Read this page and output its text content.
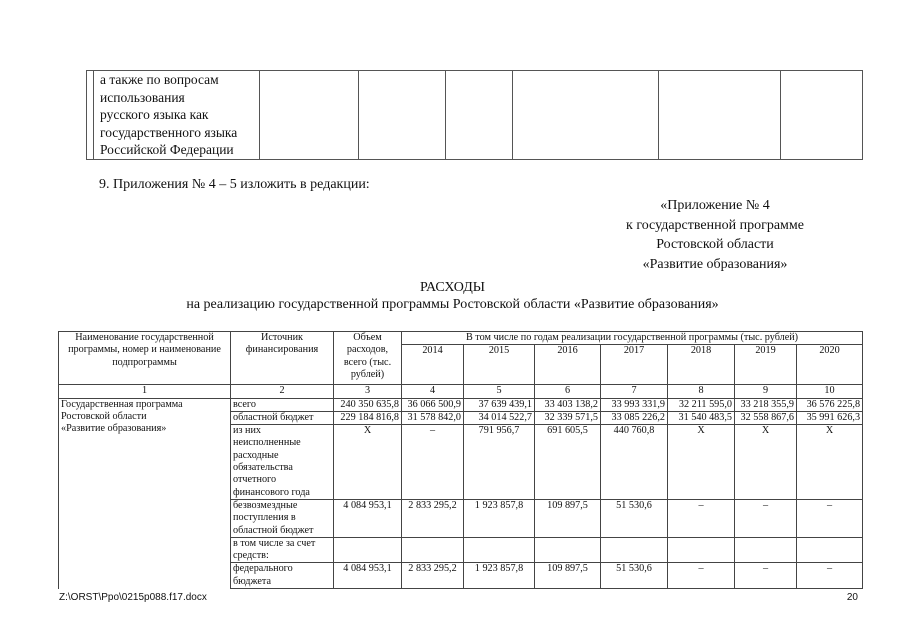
а также по вопросам
использования
русского языка как
государственного языка
Российской Федерации

9. Приложения № 4 – 5 изложить в редакции:
«Приложение № 4
к государственной программе
Ростовской области
«Развитие образования»
РАСХОДЫ
на реализацию государственной программы Ростовской области «Развитие образования»
Наименование государственной программы, номер и наименование подпрограммы	Источник финансирования	Объем расходов, всего (тыс. рублей)	В том числе по годам реализации государственной программы (тыс. рублей)						
			2014	2015	2016	2017	2018	2019	2020
1	2	3	4	5	6	7	8	9	10

Государственная программа
Ростовской области
«Развитие образования»	всего	240 350 635,8	36 066 500,9	37 639 439,1	33 403 138,2	33 993 331,9	32 211 595,0	33 218 355,9	36 576 225,8
	областной бюджет	229 184 816,8	31 578 842,0	34 014 522,7	32 339 571,5	33 085 226,2	31 540 483,5	32 558 867,6	35 991 626,3
	из них неисполненные расходные обязательства отчетного финансового года	Х	–	791 956,7	691 605,5	440 760,8	Х	Х	Х
	безвозмездные поступления в областной бюджет	4 084 953,1	2 833 295,2	1 923 857,8	109 897,5	51 530,6	–	–	–
	в том числе за счет средств:								
	федерального бюджета	4 084 953,1	2 833 295,2	1 923 857,8	109 897,5	51 530,6	–	–	–
Z:\ORST\Ppo\0215p088.f17.docx	20
